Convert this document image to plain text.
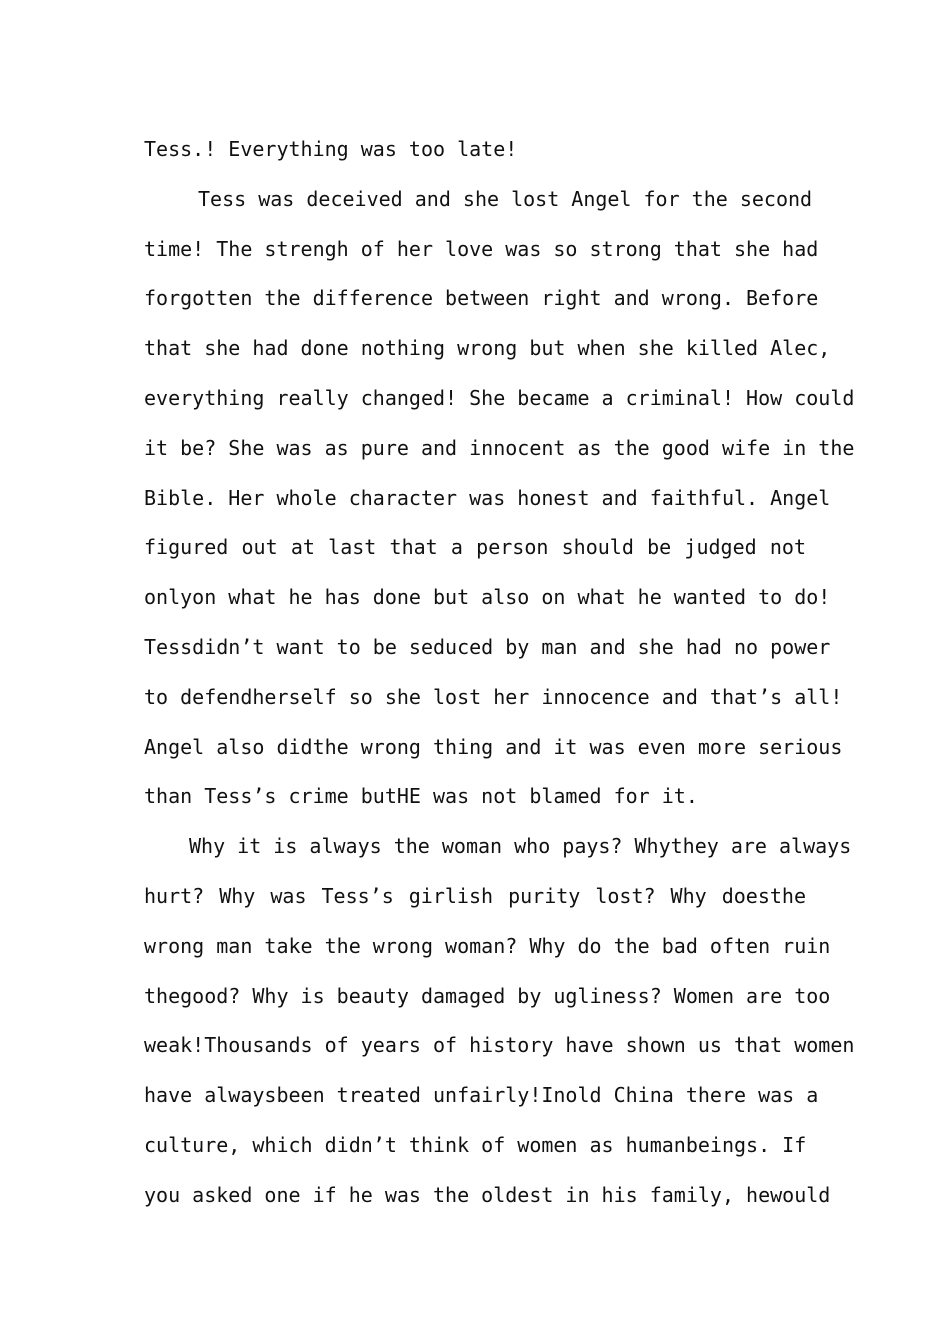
Tess.! Everything was too late!
Tess was deceived and she lost Angel for the second
time! The strengh of her love was so strong that she had
forgotten the difference between right and wrong. Before
that she had done nothing wrong but when she killed Alec,
everything really changed! She became a criminal! How could
it be? She was as pure and innocent as the good wife in the
Bible. Her whole character was honest and faithful. Angel
figured out at last that a person should be judged not
onlyon what he has done but also on what he wanted to do!
Tessdidn’t want to be seduced by man and she had no power
to defendherself so she lost her innocence and that’s all!
Angel also didthe wrong thing and it was even more serious
than Tess’s crime butHE was not blamed for it.
Why it is always the woman who pays? Whythey are always
hurt? Why was Tess’s girlish purity lost? Why doesthe
wrong man take the wrong woman? Why do the bad often ruin
thegood? Why is beauty damaged by ugliness? Women are too
weak!Thousands of years of history have shown us that women
have alwaysbeen treated unfairly!Inold China there was a
culture, which didn’t think of women as humanbeings. If
you asked one if he was the oldest in his family, hewould
